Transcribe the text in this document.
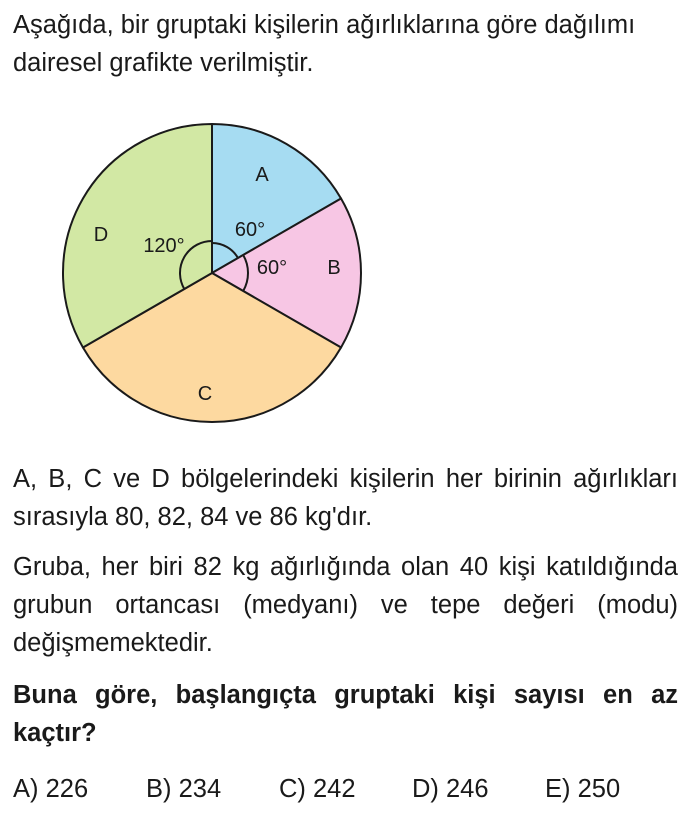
Aşağıda, bir gruptaki kişilerin ağırlıklarına göre dağılımı dairesel grafikte verilmiştir.

A
B
C
D	60°
60°
120°

A, B, C ve D bölgelerindeki kişilerin her birinin ağırlıkları sırasıyla 80, 82, 84 ve 86 kg'dır.

Gruba, her biri 82 kg ağırlığında olan 40 kişi katıldığında grubun ortancası (medyanı) ve tepe değeri (modu) değişmemektedir.

Buna göre, başlangıçta gruptaki kişi sayısı en az kaçtır?

A) 226 B) 234 C) 242 D) 246 E) 250
